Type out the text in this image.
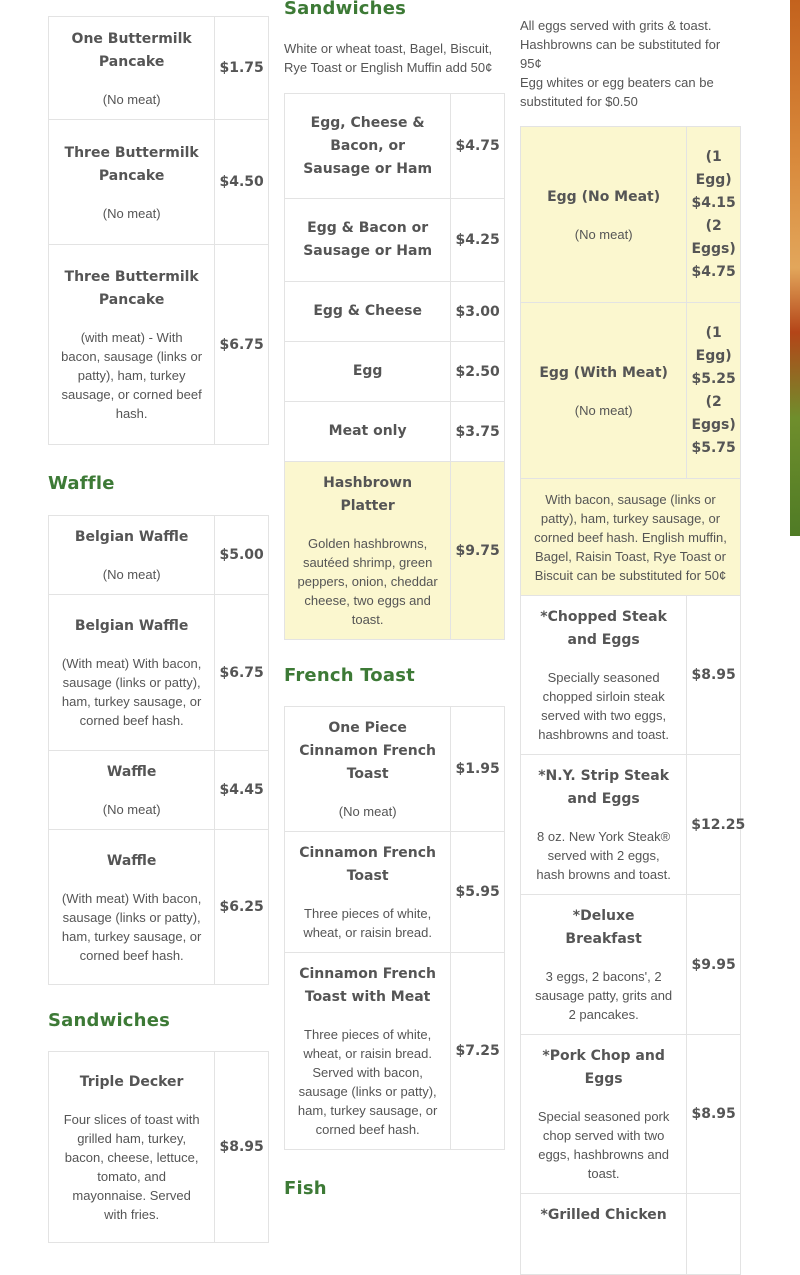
One Buttermilk Pancake
(No meat)	$1.75

Three Buttermilk Pancake
(No meat)	$4.50

Three Buttermilk Pancake
(with meat) - With bacon, sausage (links or patty), ham, turkey sausage, or corned beef hash.	$6.75
Waffle
Belgian Waffle
(No meat)	$5.00

Belgian Waffle
(With meat) With bacon, sausage (links or patty), ham, turkey sausage, or corned beef hash.	$6.75

Waffle
(No meat)	$4.45

Waffle
(With meat) With bacon, sausage (links or patty), ham, turkey sausage, or corned beef hash.	$6.25
Sandwiches
Triple Decker
Four slices of toast with grilled ham, turkey, bacon, cheese, lettuce, tomato, and mayonnaise. Served with fries.
	$8.95
Sandwiches

White or wheat toast, Bagel, Biscuit, Rye Toast or English Muffin add 50¢

Egg, Cheese & Bacon, or Sausage or Ham	$4.75

Egg & Bacon or Sausage or Ham	$4.25

Egg & Cheese	$3.00

Egg	$2.50

Meat only	$3.75

Hashbrown Platter
Golden hashbrowns, sautéed shrimp, green peppers, onion, cheddar cheese, two eggs and toast.	$9.75
French Toast
One Piece Cinnamon French Toast
(No meat)	$1.95

Cinnamon French Toast
Three pieces of white, wheat, or raisin bread.	$5.95

Cinnamon French Toast with Meat
Three pieces of white, wheat, or raisin bread. Served with bacon, sausage (links or patty), ham, turkey sausage, or corned beef hash.	$7.25
Fish

All eggs served with grits & toast. Hashbrowns can be substituted for 95¢

Egg whites or egg beaters can be substituted for $0.50

Egg (No Meat)
(No meat)	(1 Egg) $4.15 (2 Eggs) $4.75

Egg (With Meat)
(No meat)	(1 Egg) $5.25 (2 Eggs) $5.75
With bacon, sausage (links or patty), ham, turkey sausage, or corned beef hash. English muffin, Bagel, Raisin Toast, Rye Toast or Biscuit can be substituted for 50¢	

*Chopped Steak and Eggs
Specially seasoned chopped sirloin steak served with two eggs, hashbrowns and toast.	$8.95

*N.Y. Strip Steak and Eggs
8 oz. New York Steak® served with 2 eggs, hash browns and toast.	$12.25

*Deluxe Breakfast
3 eggs, 2 bacons', 2 sausage patty, grits and 2 pancakes.	$9.95

*Pork Chop and Eggs
Special seasoned pork chop served with two eggs, hashbrowns and toast.	$8.95

*Grilled Chicken	
